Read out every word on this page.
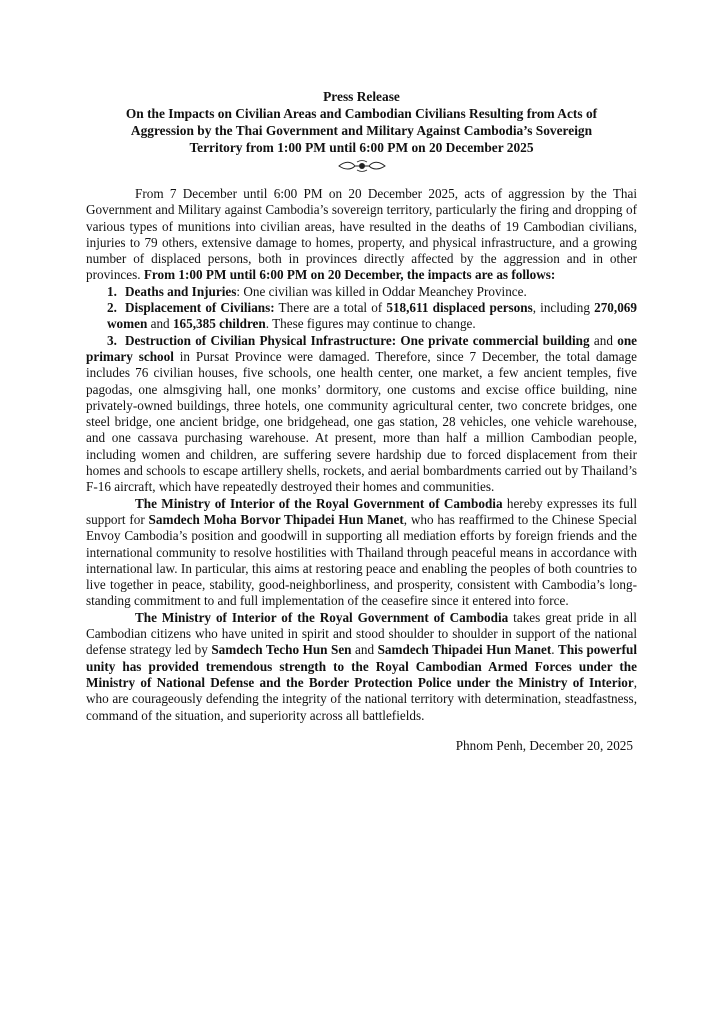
Press Release
On the Impacts on Civilian Areas and Cambodian Civilians Resulting from Acts of
Aggression by the Thai Government and Military Against Cambodia’s Sovereign
Territory from 1:00 PM until 6:00 PM on 20 December 2025

From 7 December until 6:00 PM on 20 December 2025, acts of aggression by the Thai Government and Military against Cambodia’s sovereign territory, particularly the firing and dropping of various types of munitions into civilian areas, have resulted in the deaths of 19 Cambodian civilians, injuries to 79 others, extensive damage to homes, property, and physical infrastructure, and a growing number of displaced persons, both in provinces directly affected by the aggression and in other provinces. From 1:00 PM until 6:00 PM on 20 December, the impacts are as follows:

1. Deaths and Injuries: One civilian was killed in Oddar Meanchey Province.

2. Displacement of Civilians: There are a total of 518,611 displaced persons, including 270,069 women and 165,385 children. These figures may continue to change.

3. Destruction of Civilian Physical Infrastructure: One private commercial building and one primary school in Pursat Province were damaged. Therefore, since 7 December, the total damage includes 76 civilian houses, five schools, one health center, one market, a few ancient temples, five pagodas, one almsgiving hall, one monks’ dormitory, one customs and excise office building, nine privately-owned buildings, three hotels, one community agricultural center, two concrete bridges, one steel bridge, one ancient bridge, one bridgehead, one gas station, 28 vehicles, one vehicle warehouse, and one cassava purchasing warehouse. At present, more than half a million Cambodian people, including women and children, are suffering severe hardship due to forced displacement from their homes and schools to escape artillery shells, rockets, and aerial bombardments carried out by Thailand’s F-16 aircraft, which have repeatedly destroyed their homes and communities.

The Ministry of Interior of the Royal Government of Cambodia hereby expresses its full support for Samdech Moha Borvor Thipadei Hun Manet, who has reaffirmed to the Chinese Special Envoy Cambodia’s position and goodwill in supporting all mediation efforts by foreign friends and the international community to resolve hostilities with Thailand through peaceful means in accordance with international law. In particular, this aims at restoring peace and enabling the peoples of both countries to live together in peace, stability, good-neighborliness, and prosperity, consistent with Cambodia’s long-standing commitment to and full implementation of the ceasefire since it entered into force.

The Ministry of Interior of the Royal Government of Cambodia takes great pride in all Cambodian citizens who have united in spirit and stood shoulder to shoulder in support of the national defense strategy led by Samdech Techo Hun Sen and Samdech Thipadei Hun Manet. This powerful unity has provided tremendous strength to the Royal Cambodian Armed Forces under the Ministry of National Defense and the Border Protection Police under the Ministry of Interior, who are courageously defending the integrity of the national territory with determination, steadfastness, command of the situation, and superiority across all battlefields.

Phnom Penh, December 20, 2025
